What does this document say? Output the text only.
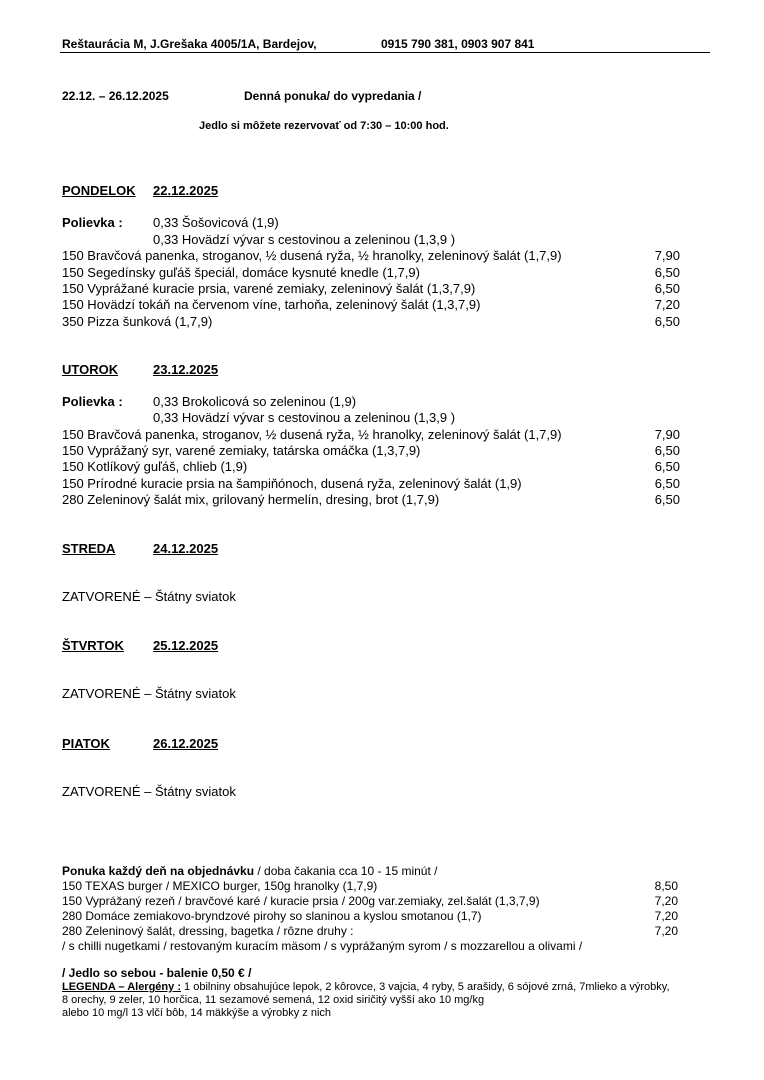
Reštaurácia M, J.Grešaka 4005/1A, Bardejov,	0915 790 381, 0903 907 841
22.12. – 26.12.2025	Denná ponuka/ do vypredania /
Jedlo si môžete rezervovať od 7:30 – 10:00 hod.
PONDELOK 22.12.2025
Polievka : 0,33 Šošovicová (1,9)
0,33 Hovädzí vývar s cestovinou a zeleninou (1,3,9 )
150 Bravčová panenka, stroganov, ½ dusená ryža, ½ hranolky, zeleninový šalát (1,7,9)	7,90
150 Segedínsky guľáš špeciál, domáce kysnuté knedle (1,7,9)	6,50
150 Vyprážané kuracie prsia, varené zemiaky, zeleninový šalát (1,3,7,9)	6,50
150 Hovädzí tokáň na červenom víne, tarhoňa, zeleninový šalát (1,3,7,9)	7,20
350 Pizza šunková (1,7,9)	6,50
UTOROK	23.12.2025
Polievka : 0,33 Brokolicová so zeleninou (1,9)
0,33 Hovädzí vývar s cestovinou a zeleninou (1,3,9 )
150 Bravčová panenka, stroganov, ½ dusená ryža, ½ hranolky, zeleninový šalát (1,7,9)	7,90
150 Vyprážaný syr, varené zemiaky, tatárska omáčka (1,3,7,9)	6,50
150 Kotlíkový guľáš, chlieb (1,9)	6,50
150 Prírodné kuracie prsia na šampiňónoch, dusená ryža, zeleninový šalát (1,9)	6,50
280 Zeleninový šalát mix, grilovaný hermelín, dresing, brot (1,7,9)	6,50
STREDA	24.12.2025
ZATVORENÉ – Štátny sviatok
ŠTVRTOK 25.12.2025
ZATVORENÉ – Štátny sviatok
PIATOK	26.12.2025
ZATVORENÉ – Štátny sviatok
Ponuka každý deň na objednávku / doba čakania cca 10 - 15 minút /
150 TEXAS burger / MEXICO burger, 150g hranolky (1,7,9)	8,50
150 Vyprážaný rezeň / bravčové karé / kuracie prsia / 200g var.zemiaky, zel.šalát (1,3,7,9)	7,20
280 Domáce zemiakovo-bryndzové pirohy so slaninou a kyslou smotanou (1,7)	7,20
280 Zeleninový šalát, dressing, bagetka / rôzne druhy :	7,20
/ s chilli nugetkami / restovaným kuracím mäsom / s vyprážaným syrom / s mozzarellou a olivami /
/ Jedlo so sebou - balenie 0,50 € /
LEGENDA – Alergény : 1 obilniny obsahujúce lepok, 2 kôrovce, 3 vajcia, 4 ryby, 5 arašidy, 6 sójové zrná, 7mlieko a výrobky,
8 orechy, 9 zeler, 10 horčica, 11 sezamové semená, 12 oxid siričitý vyšší ako 10 mg/kg
alebo 10 mg/l 13 vlčí bôb, 14 mäkkýše a výrobky z nich
